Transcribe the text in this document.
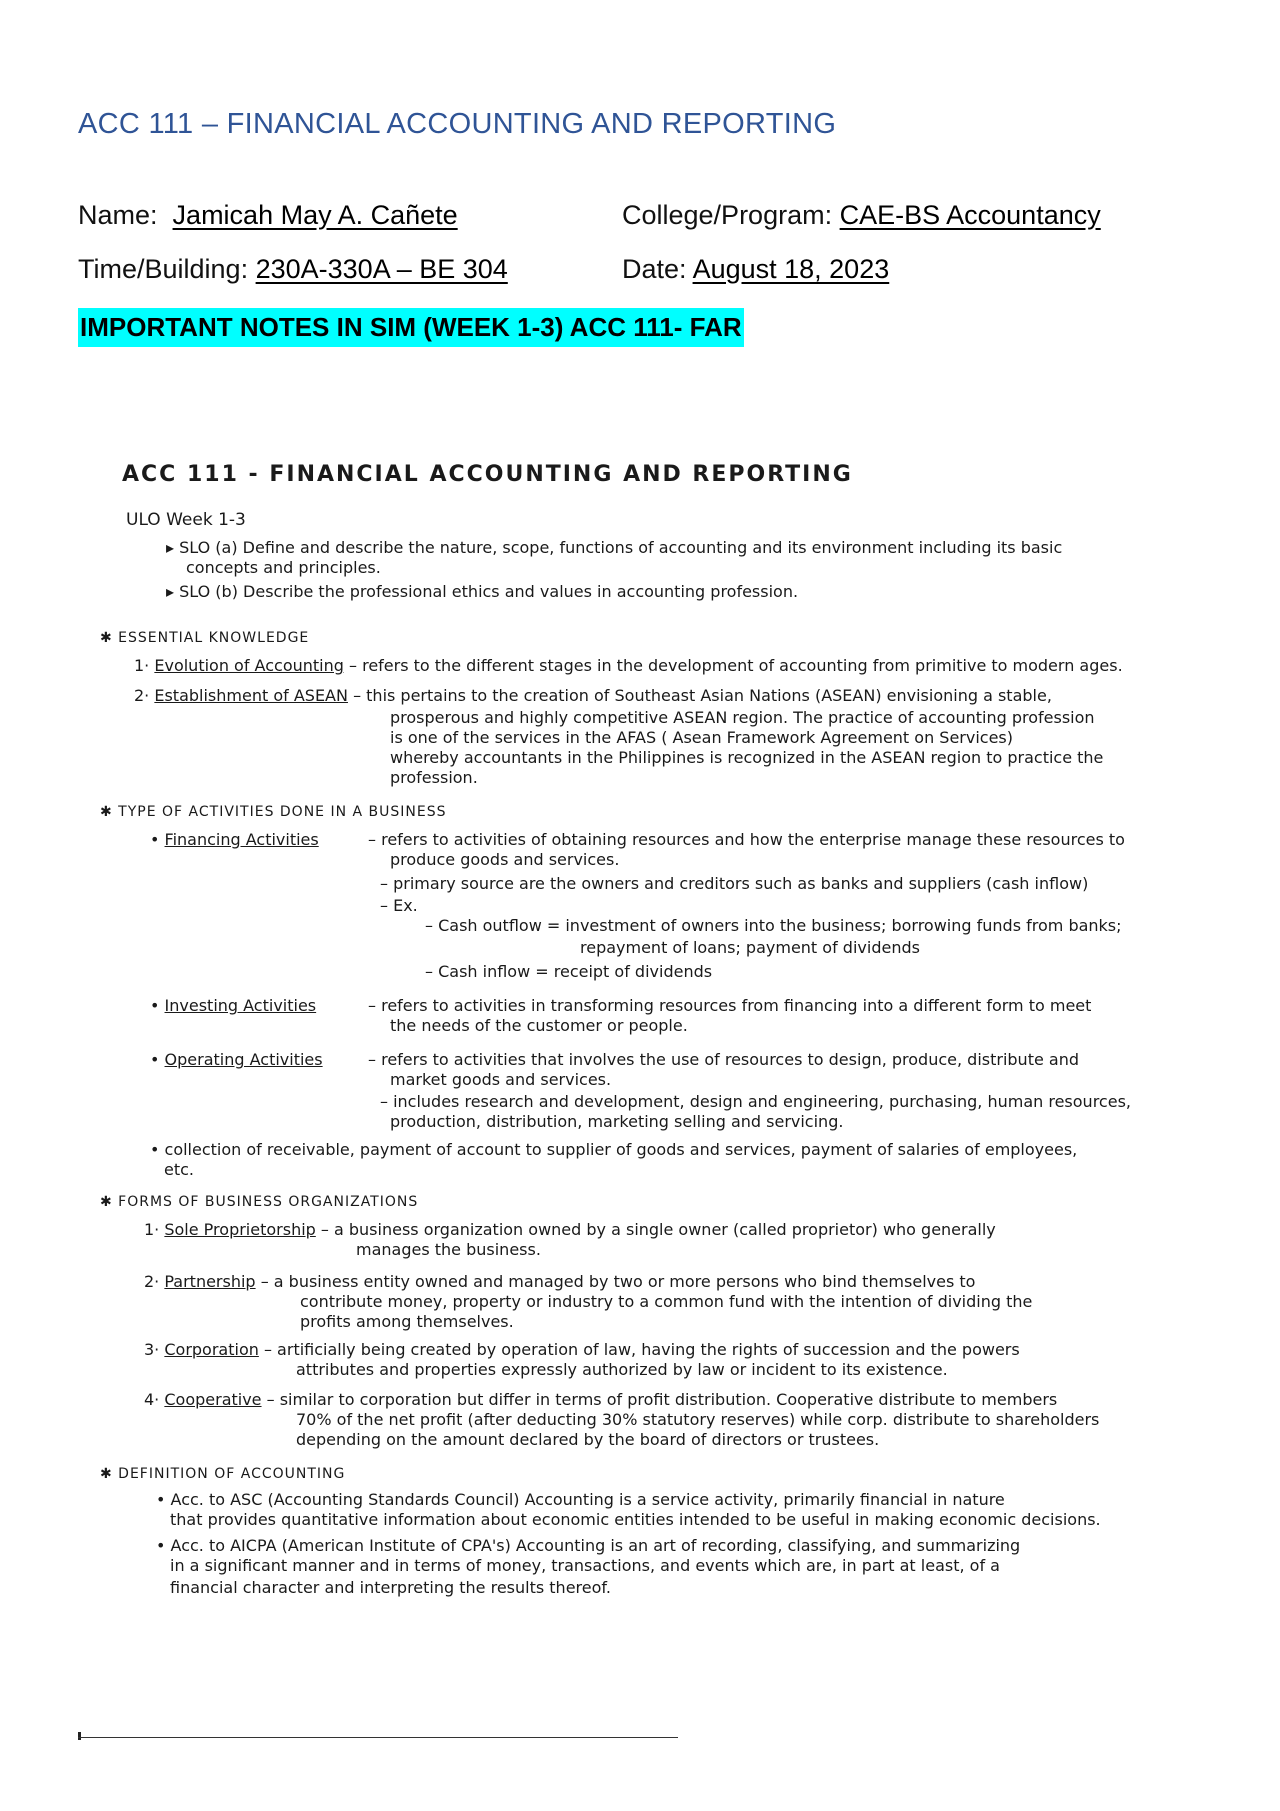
ACC 111 – FINANCIAL ACCOUNTING AND REPORTING
Name: Jamicah May A. Cañete	College/Program: CAE-BS Accountancy
Time/Building: 230A-330A – BE 304	Date: August 18, 2023
IMPORTANT NOTES IN SIM (WEEK 1-3) ACC 111- FAR
ACC 111 - FINANCIAL ACCOUNTING AND REPORTING
ULO Week 1-3
▸ SLO (a) Define and describe the nature, scope, functions of accounting and its environment including its basic
concepts and principles.
▸ SLO (b) Describe the professional ethics and values in accounting profession.
✱ ESSENTIAL KNOWLEDGE
1· Evolution of Accounting – refers to the different stages in the development of accounting from primitive to modern ages.
2· Establishment of ASEAN – this pertains to the creation of Southeast Asian Nations (ASEAN) envisioning a stable,
prosperous and highly competitive ASEAN region. The practice of accounting profession
is one of the services in the AFAS ( Asean Framework Agreement on Services)
whereby accountants in the Philippines is recognized in the ASEAN region to practice the
profession.
✱ TYPE OF ACTIVITIES DONE IN A BUSINESS
• Financing Activities	– refers to activities of obtaining resources and how the enterprise manage these resources to
produce goods and services.
– primary source are the owners and creditors such as banks and suppliers (cash inflow)
– Ex.
– Cash outflow = investment of owners into the business; borrowing funds from banks;
repayment of loans; payment of dividends
– Cash inflow = receipt of dividends
• Investing Activities	– refers to activities in transforming resources from financing into a different form to meet
the needs of the customer or people.
• Operating Activities	– refers to activities that involves the use of resources to design, produce, distribute and
market goods and services.
– includes research and development, design and engineering, purchasing, human resources,
production, distribution, marketing selling and servicing.
• collection of receivable, payment of account to supplier of goods and services, payment of salaries of employees,
etc.
✱ FORMS OF BUSINESS ORGANIZATIONS
1· Sole Proprietorship – a business organization owned by a single owner (called proprietor) who generally
manages the business.
2· Partnership – a business entity owned and managed by two or more persons who bind themselves to
contribute money, property or industry to a common fund with the intention of dividing the
profits among themselves.
3· Corporation – artificially being created by operation of law, having the rights of succession and the powers
attributes and properties expressly authorized by law or incident to its existence.
4· Cooperative – similar to corporation but differ in terms of profit distribution. Cooperative distribute to members
70% of the net profit (after deducting 30% statutory reserves) while corp. distribute to shareholders
depending on the amount declared by the board of directors or trustees.
✱ DEFINITION OF ACCOUNTING
• Acc. to ASC (Accounting Standards Council) Accounting is a service activity, primarily financial in nature
that provides quantitative information about economic entities intended to be useful in making economic decisions.
• Acc. to AICPA (American Institute of CPA's) Accounting is an art of recording, classifying, and summarizing
in a significant manner and in terms of money, transactions, and events which are, in part at least, of a
financial character and interpreting the results thereof.
